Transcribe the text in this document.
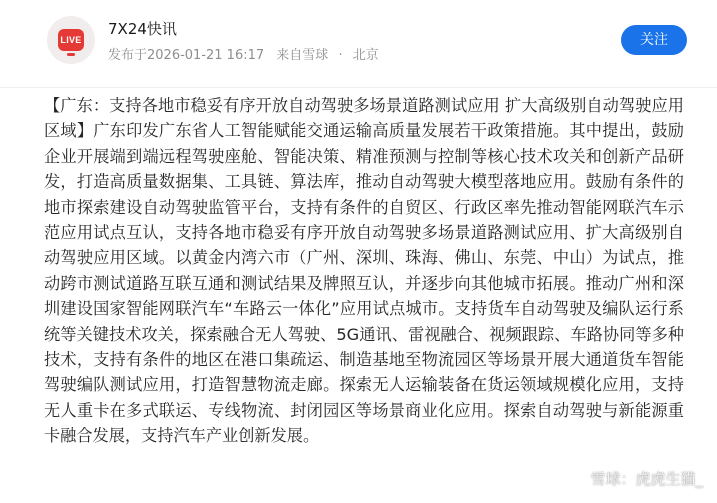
LIVE
7X24快讯
发布于2026-01-21 16:17 来自雪球 · 北京
关注

【广东：支持各地市稳妥有序开放自动驾驶多场景道路测试应用 扩大高级别自动驾驶应用区域】广东印发广东省人工智能赋能交通运输高质量发展若干政策措施。其中提出，鼓励企业开展端到端远程驾驶座舱、智能决策、精准预测与控制等核心技术攻关和创新产品研发，打造高质量数据集、工具链、算法库，推动自动驾驶大模型落地应用。鼓励有条件的地市探索建设自动驾驶监管平台，支持有条件的自贸区、行政区率先推动智能网联汽车示范应用试点互认，支持各地市稳妥有序开放自动驾驶多场景道路测试应用、扩大高级别自动驾驶应用区域。以黄金内湾六市（广州、深圳、珠海、佛山、东莞、中山）为试点，推动跨市测试道路互联互通和测试结果及牌照互认，并逐步向其他城市拓展。推动广州和深圳建设国家智能网联汽车“车路云一体化”应用试点城市。支持货车自动驾驶及编队运行系统等关键技术攻关，探索融合无人驾驶、5G通讯、雷视融合、视频跟踪、车路协同等多种技术，支持有条件的地区在港口集疏运、制造基地至物流园区等场景开展大通道货车智能驾驶编队测试应用，打造智慧物流走廊。探索无人运输装备在货运领域规模化应用，支持无人重卡在多式联运、专线物流、封闭园区等场景商业化应用。探索自动驾驶与新能源重卡融合发展，支持汽车产业创新发展。

雪球：虎虎生猫_
